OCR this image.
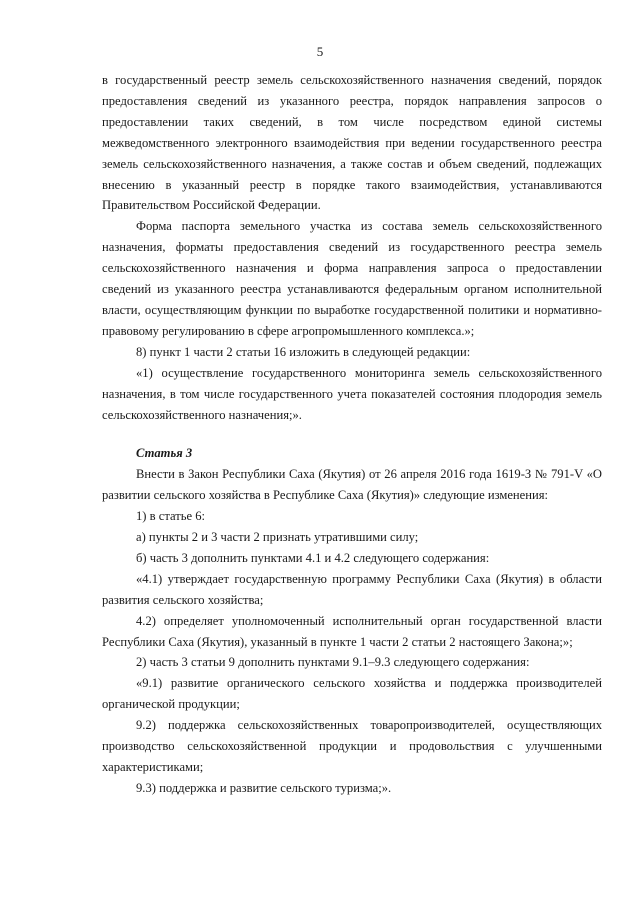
5

в государственный реестр земель сельскохозяйственного назначения сведений, порядок предоставления сведений из указанного реестра, порядок направления запросов о предоставлении таких сведений, в том числе посредством единой системы межведомственного электронного взаимодействия при ведении государственного реестра земель сельскохозяйственного назначения, а также состав и объем сведений, подлежащих внесению в указанный реестр в порядке такого взаимодействия, устанавливаются Правительством Российской Федерации.

Форма паспорта земельного участка из состава земель сельскохозяйственного назначения, форматы предоставления сведений из государственного реестра земель сельскохозяйственного назначения и форма направления запроса о предоставлении сведений из указанного реестра устанавливаются федеральным органом исполнительной власти, осуществляющим функции по выработке государственной политики и нормативно-правовому регулированию в сфере агропромышленного комплекса.»;

8) пункт 1 части 2 статьи 16 изложить в следующей редакции:

«1) осуществление государственного мониторинга земель сельскохозяйственного назначения, в том числе государственного учета показателей состояния плодородия земель сельскохозяйственного назначения;».

Статья 3

Внести в Закон Республики Саха (Якутия) от 26 апреля 2016 года 1619-З № 791-V «О развитии сельского хозяйства в Республике Саха (Якутия)» следующие изменения:

1) в статье 6:

а) пункты 2 и 3 части 2 признать утратившими силу;

б) часть 3 дополнить пунктами 4.1 и 4.2 следующего содержания:

«4.1) утверждает государственную программу Республики Саха (Якутия) в области развития сельского хозяйства;

4.2) определяет уполномоченный исполнительный орган государственной власти Республики Саха (Якутия), указанный в пункте 1 части 2 статьи 2 настоящего Закона;»;

2) часть 3 статьи 9 дополнить пунктами 9.1–9.3 следующего содержания:

«9.1) развитие органического сельского хозяйства и поддержка производителей органической продукции;

9.2) поддержка сельскохозяйственных товаропроизводителей, осуществляющих производство сельскохозяйственной продукции и продовольствия с улучшенными характеристиками;

9.3) поддержка и развитие сельского туризма;».
